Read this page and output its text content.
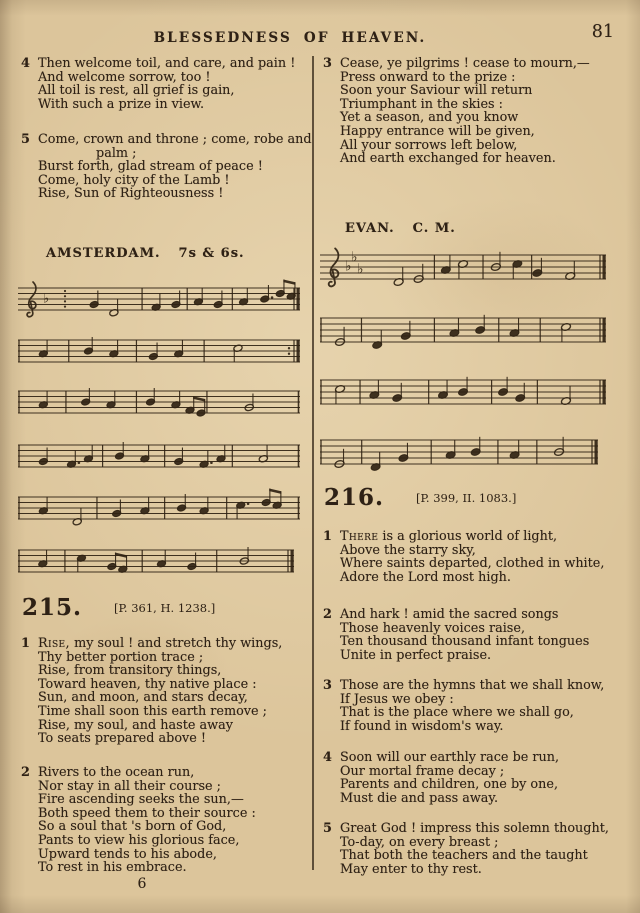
BLESSEDNESS OF HEAVEN.	81
4 Then welcome toil, and care, and pain !
And welcome sorrow, too !
All toil is rest, all grief is gain,
With such a prize in view.
5 Come, crown and throne ; come, robe and
palm ;
Burst forth, glad stream of peace !
Come, holy city of the Lamb !
Rise, Sun of Righteousness !
AMSTERDAM. 7s & 6s.
215.	[P. 361, H. 1238.]
1 Rise, my soul ! and stretch thy wings,
Thy better portion trace ;
Rise, from transitory things,
Toward heaven, thy native place :
Sun, and moon, and stars decay,
Time shall soon this earth remove ;
Rise, my soul, and haste away
To seats prepared above !
2 Rivers to the ocean run,
Nor stay in all their course ;
Fire ascending seeks the sun,—
Both speed them to their source :
So a soul that 's born of God,
Pants to view his glorious face,
Upward tends to his abode,
To rest in his embrace.
6
3 Cease, ye pilgrims ! cease to mourn,—
Press onward to the prize :
Soon your Saviour will return
Triumphant in the skies :
Yet a season, and you know
Happy entrance will be given,
All your sorrows left below,
And earth exchanged for heaven.
EVAN. C. M.
216.	[P. 399, II. 1083.]
1 There is a glorious world of light,
Above the starry sky,
Where saints departed, clothed in white,
Adore the Lord most high.
2 And hark ! amid the sacred songs
Those heavenly voices raise,
Ten thousand thousand infant tongues
Unite in perfect praise.
3 Those are the hymns that we shall know,
If Jesus we obey :
That is the place where we shall go,
If found in wisdom's way.
4 Soon will our earthly race be run,
Our mortal frame decay ;
Parents and children, one by one,
Must die and pass away.
5 Great God ! impress this solemn thought,
To-day, on every breast ;
That both the teachers and the taught
May enter to thy rest.
♭
♭
♭
♭
